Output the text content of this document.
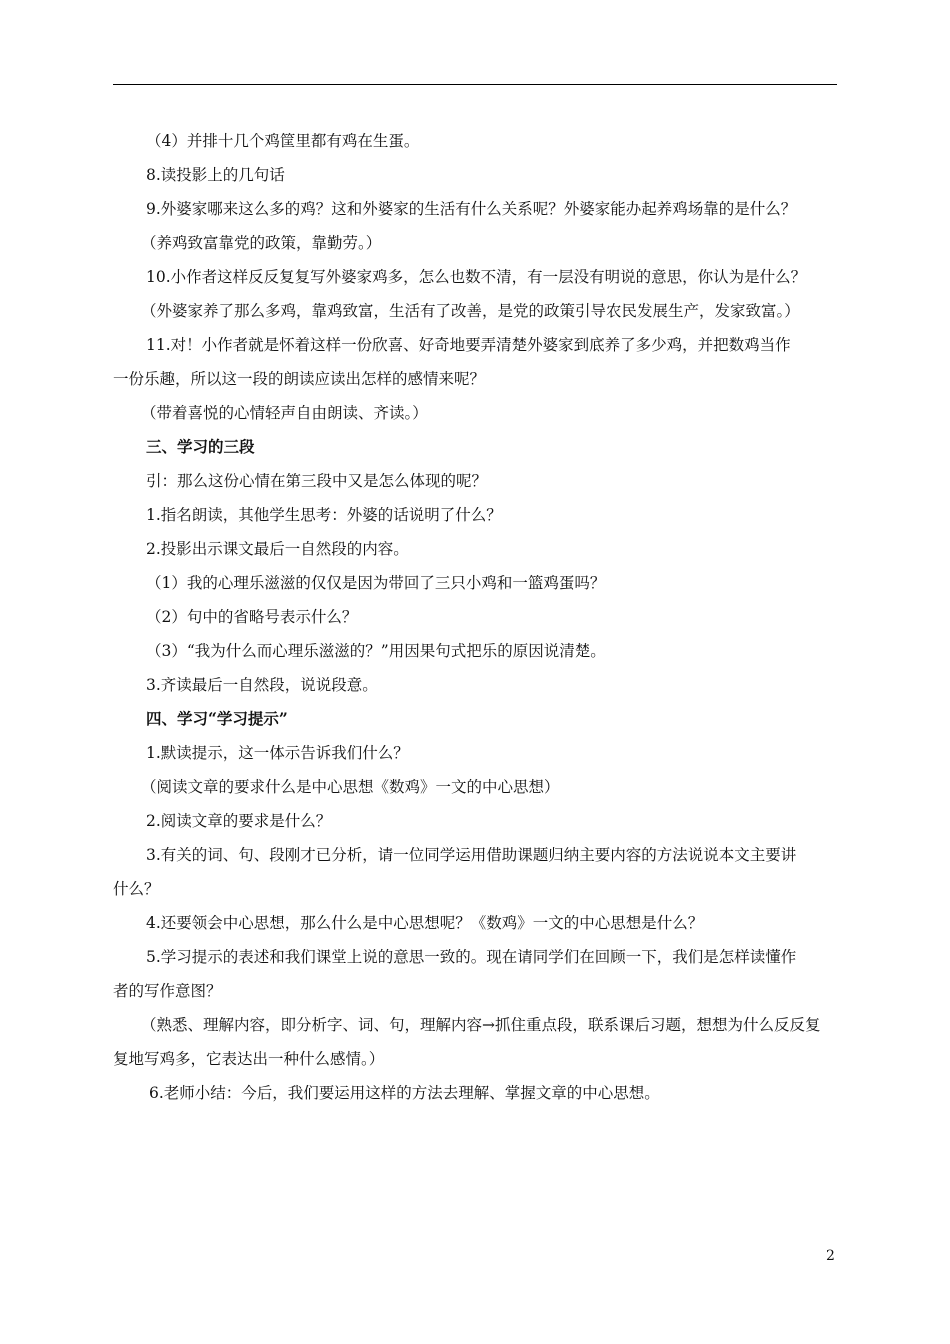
（4）并排十几个鸡筐里都有鸡在生蛋。
8.读投影上的几句话
9.外婆家哪来这么多的鸡？这和外婆家的生活有什么关系呢？外婆家能办起养鸡场靠的是什么？
（养鸡致富靠党的政策，靠勤劳。）
10.小作者这样反反复复写外婆家鸡多，怎么也数不清，有一层没有明说的意思，你认为是什么？
（外婆家养了那么多鸡，靠鸡致富，生活有了改善，是党的政策引导农民发展生产，发家致富。）
11.对！小作者就是怀着这样一份欣喜、好奇地要弄清楚外婆家到底养了多少鸡，并把数鸡当作
一份乐趣，所以这一段的朗读应读出怎样的感情来呢？
（带着喜悦的心情轻声自由朗读、齐读。）
三、学习的三段
引：那么这份心情在第三段中又是怎么体现的呢？
1.指名朗读，其他学生思考：外婆的话说明了什么？
2.投影出示课文最后一自然段的内容。
（1）我的心理乐滋滋的仅仅是因为带回了三只小鸡和一篮鸡蛋吗？
（2）句中的省略号表示什么？
（3）“我为什么而心理乐滋滋的？”用因果句式把乐的原因说清楚。
3.齐读最后一自然段，说说段意。
四、学习“学习提示”
1.默读提示，这一体示告诉我们什么？
（阅读文章的要求什么是中心思想《数鸡》一文的中心思想）
2.阅读文章的要求是什么？
3.有关的词、句、段刚才已分析，请一位同学运用借助课题归纳主要内容的方法说说本文主要讲
什么？
4.还要领会中心思想，那么什么是中心思想呢？《数鸡》一文的中心思想是什么？
5.学习提示的表述和我们课堂上说的意思一致的。现在请同学们在回顾一下，我们是怎样读懂作
者的写作意图？
（熟悉、理解内容，即分析字、词、句，理解内容→抓住重点段，联系课后习题，想想为什么反反复
复地写鸡多，它表达出一种什么感情。）
6.老师小结：今后，我们要运用这样的方法去理解、掌握文章的中心思想。
2
